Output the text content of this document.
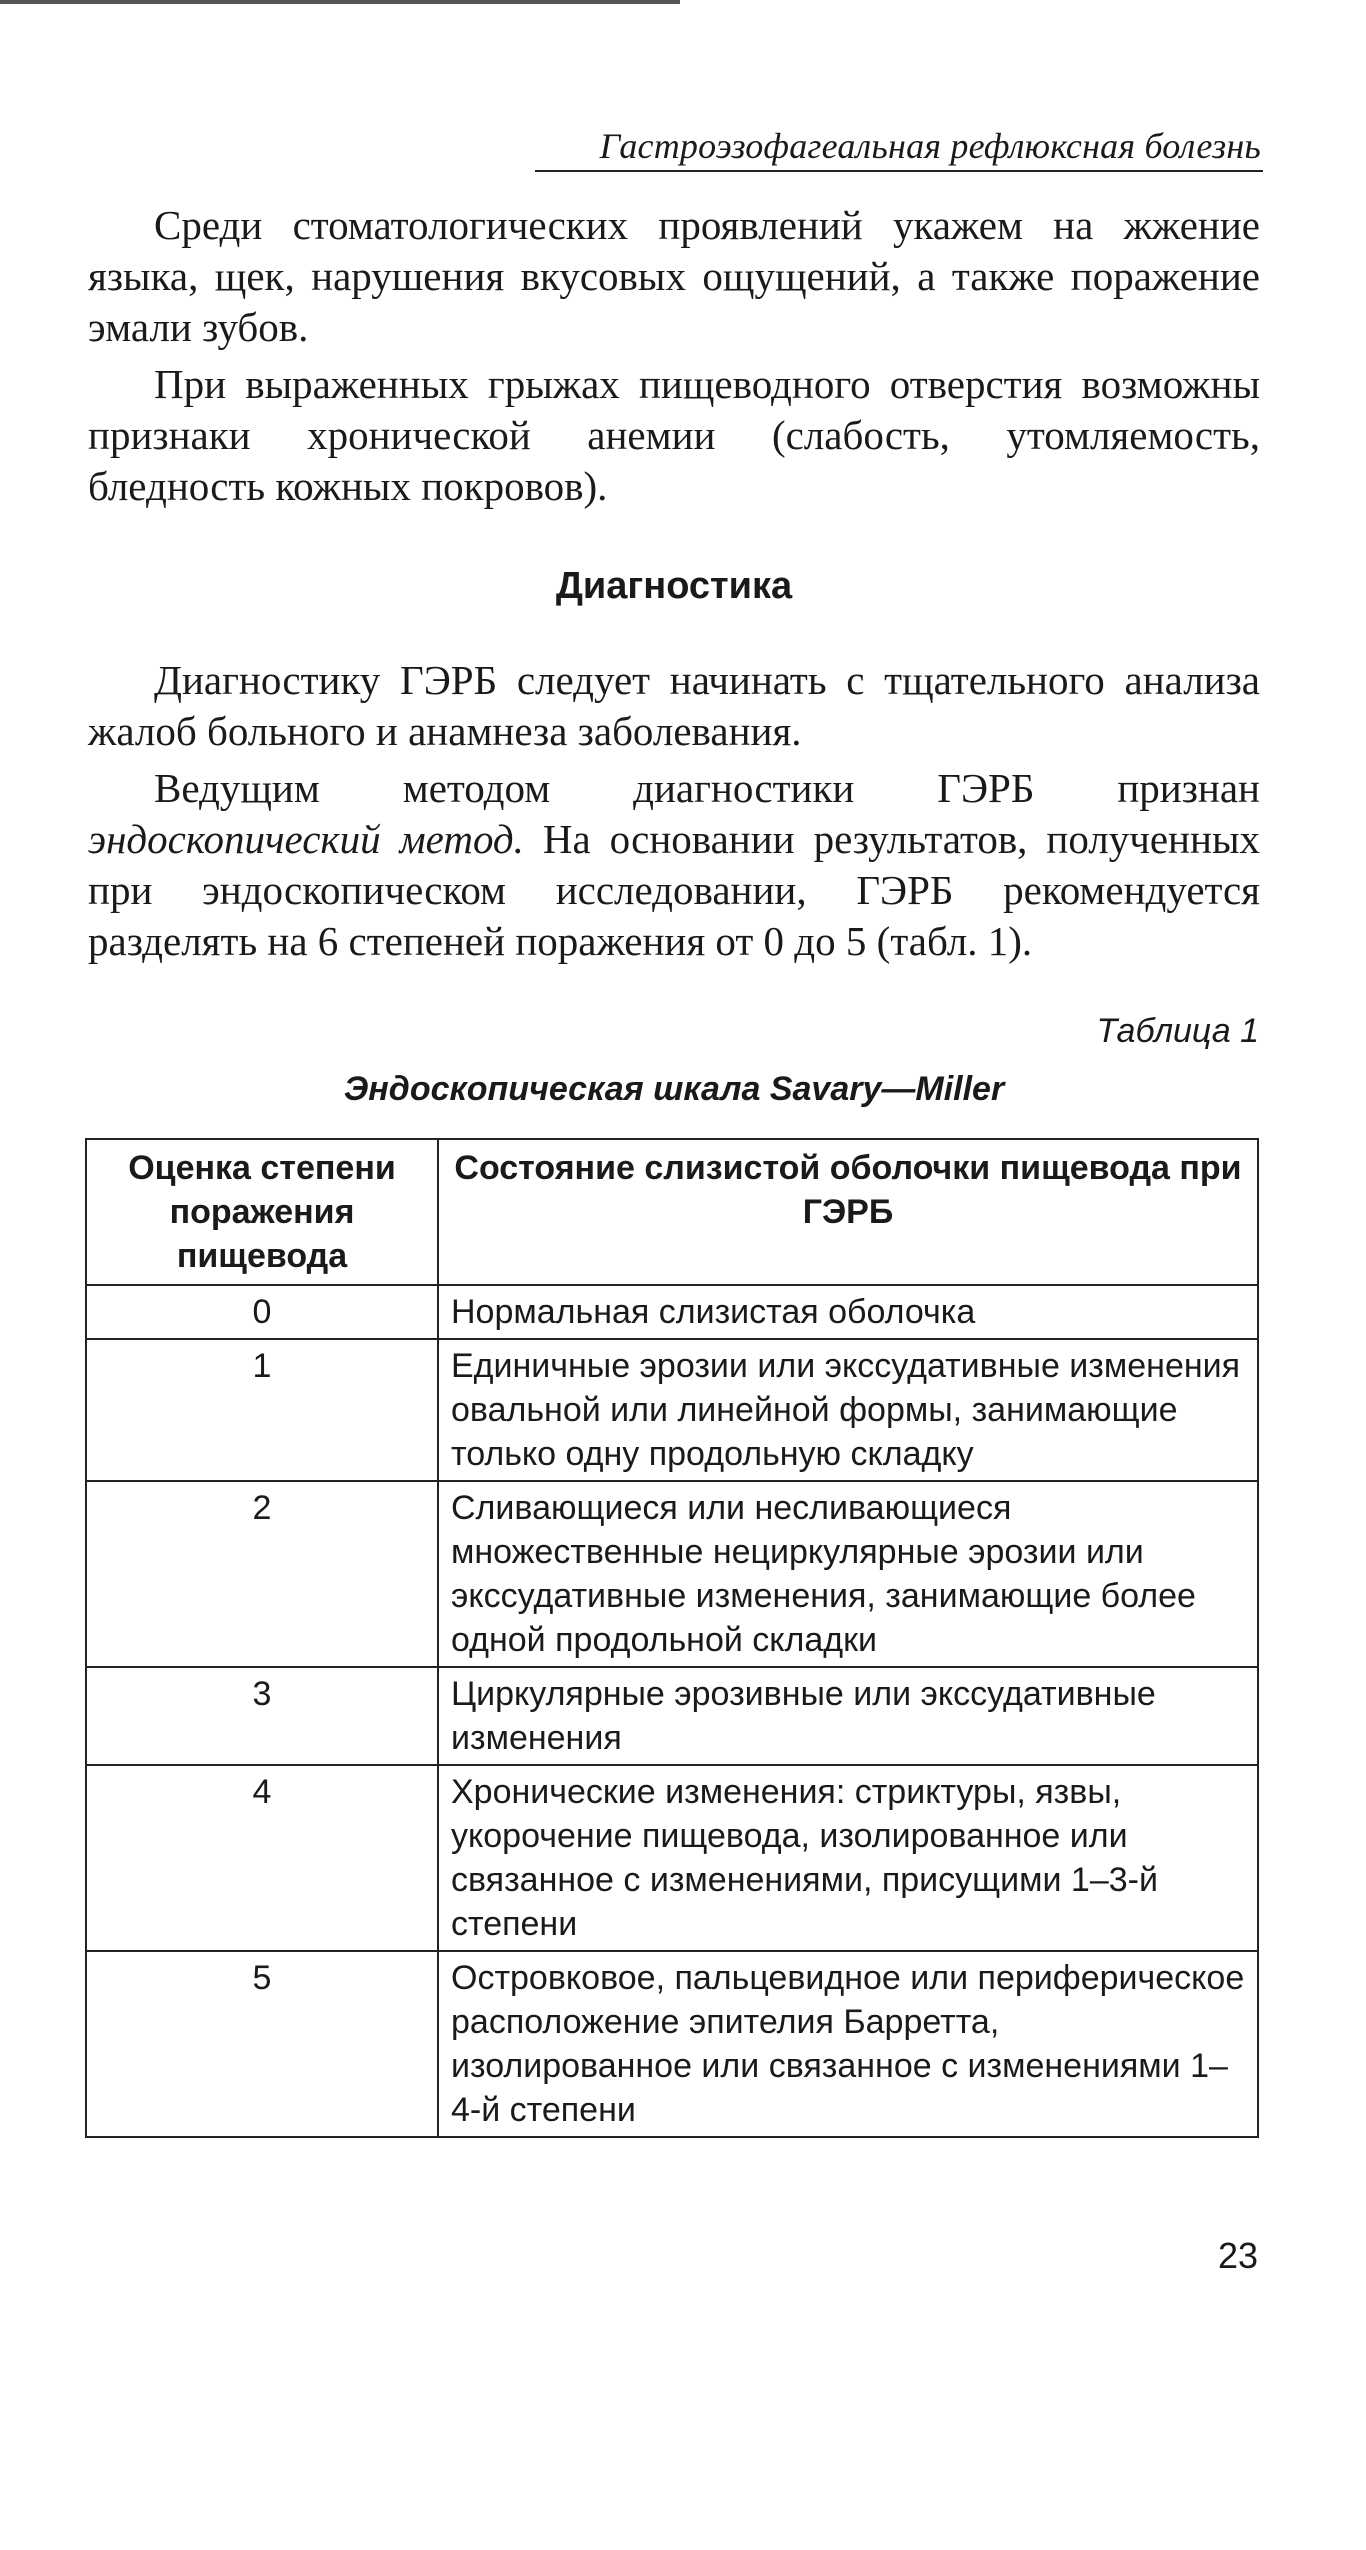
Гастроэзофагеальная рефлюксная болезнь

Среди стоматологических проявлений укажем на жжение языка, щек, нарушения вкусовых ощущений, а также поражение эмали зубов.

При выраженных грыжах пищеводного отверстия возможны признаки хронической анемии (слабость, утомляемость, бледность кожных покровов).

Диагностика

Диагностику ГЭРБ следует начинать с тщательного анализа жалоб больного и анамнеза заболевания.

Ведущим методом диагностики ГЭРБ признан эндоскопический метод. На основании результатов, полученных при эндоскопическом исследовании, ГЭРБ рекомендуется разделять на 6 степеней поражения от 0 до 5 (табл. 1).

Таблица 1
Эндоскопическая шкала Savary—Miller
Оценка степени поражения пищевода	Состояние слизистой оболочки пищевода при ГЭРБ
0	Нормальная слизистая оболочка
1	Единичные эрозии или экссудативные изменения овальной или линейной формы, занимающие только одну продольную складку
2	Сливающиеся или несливающиеся множественные нециркулярные эрозии или экссудативные изменения, занимающие более одной продольной складки
3	Циркулярные эрозивные или экссудативные изменения
4	Хронические изменения: стриктуры, язвы, укорочение пищевода, изолированное или связанное с изменениями, присущими 1–3-й степени
5	Островковое, пальцевидное или периферическое расположение эпителия Барретта, изолированное или связанное с изменениями 1–4-й степени
23
